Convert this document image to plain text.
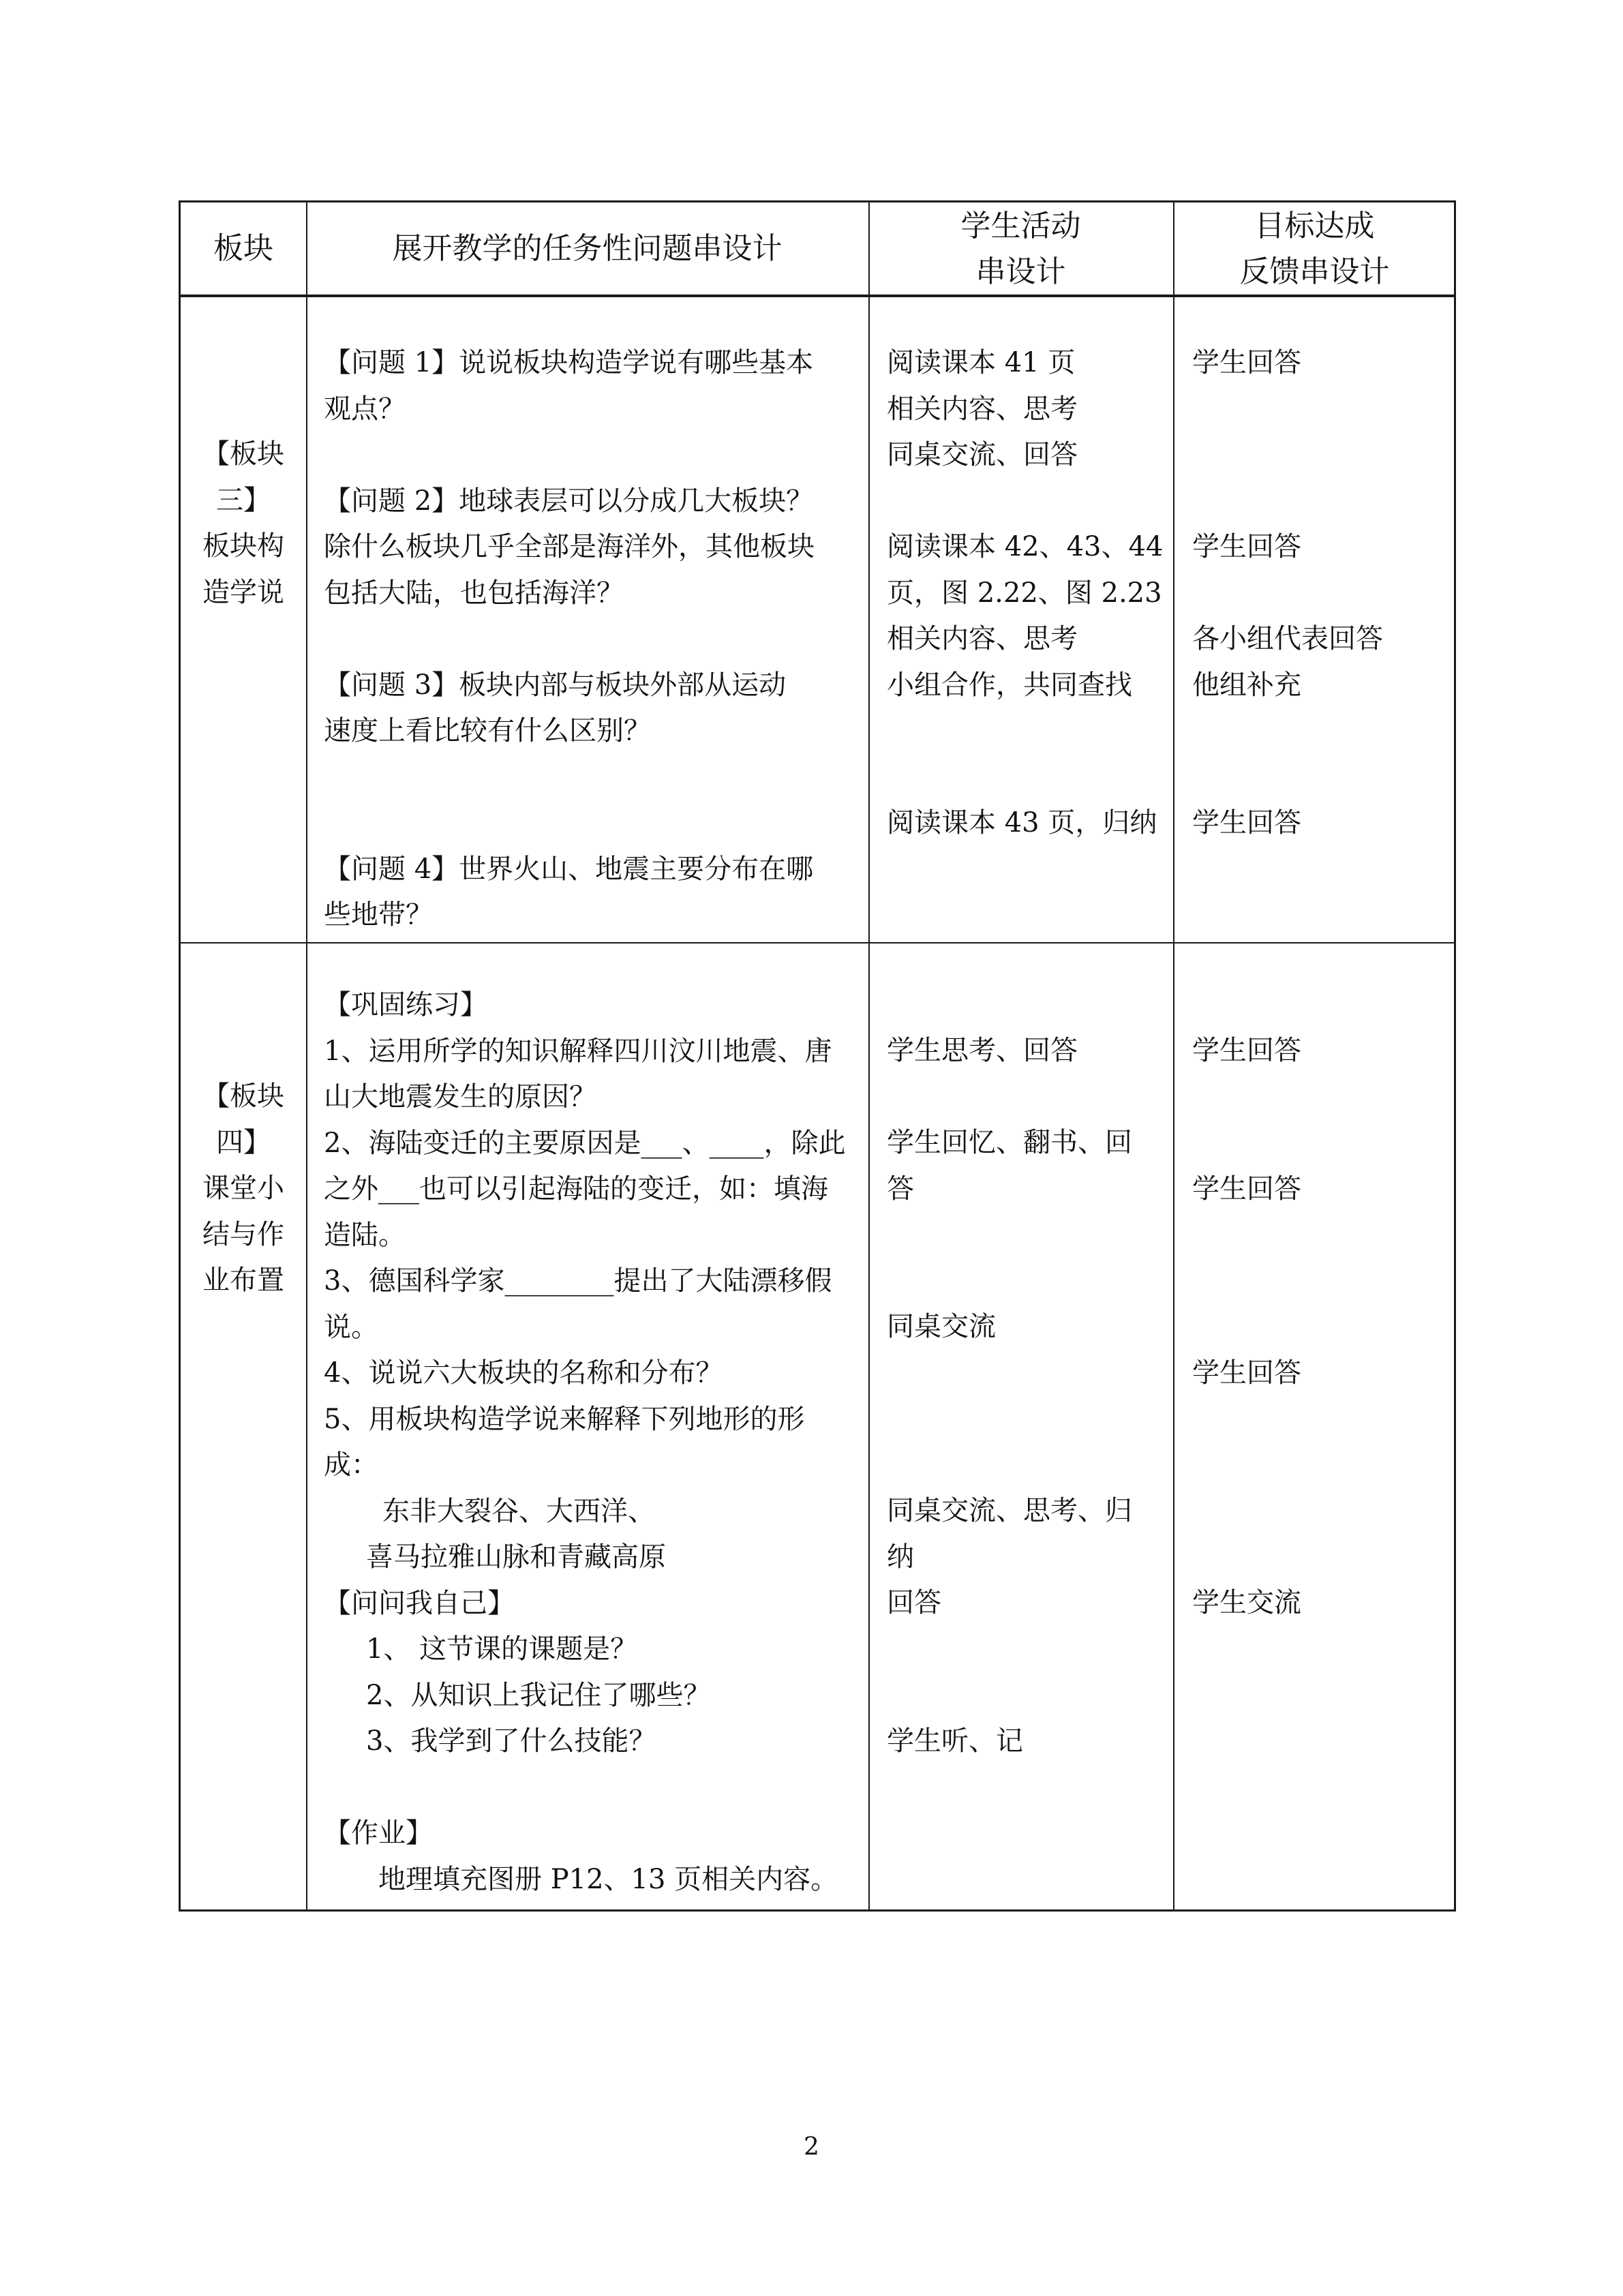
板块	展开教学的任务性问题串设计
学生活动
串设计
目标达成
反馈串设计
【板块
三】
板块构
造学说
【问题 1】说说板块构造学说有哪些基本
观点？
【问题 2】地球表层可以分成几大板块？
除什么板块几乎全部是海洋外，其他板块
包括大陆，也包括海洋？
【问题 3】板块内部与板块外部从运动
速度上看比较有什么区别？
【问题 4】世界火山、地震主要分布在哪
些地带？
阅读课本 41 页
相关内容、思考
同桌交流、回答
阅读课本 42、43、44
页，图 2.22、图 2.23
相关内容、思考
小组合作，共同查找
阅读课本 43 页，归纳
学生回答
学生回答
各小组代表回答
他组补充
学生回答
【板块
四】
课堂小
结与作
业布置
【巩固练习】
1、运用所学的知识解释四川汶川地震、唐
山大地震发生的原因？
2、海陆变迁的主要原因是___、____，除此
之外___也可以引起海陆的变迁，如：填海
造陆。
3、德国科学家________提出了大陆漂移假
说。
4、说说六大板块的名称和分布？
5、用板块构造学说来解释下列地形的形
成：
东非大裂谷、大西洋、
喜马拉雅山脉和青藏高原
【问问我自己】
1、 这节课的课题是？
2、从知识上我记住了哪些？
3、我学到了什么技能？
【作业】
地理填充图册 P12、13 页相关内容。
学生思考、回答
学生回忆、翻书、回
答
同桌交流
同桌交流、思考、归
纳
回答
学生听、记
学生回答
学生回答
学生回答
学生交流
2
